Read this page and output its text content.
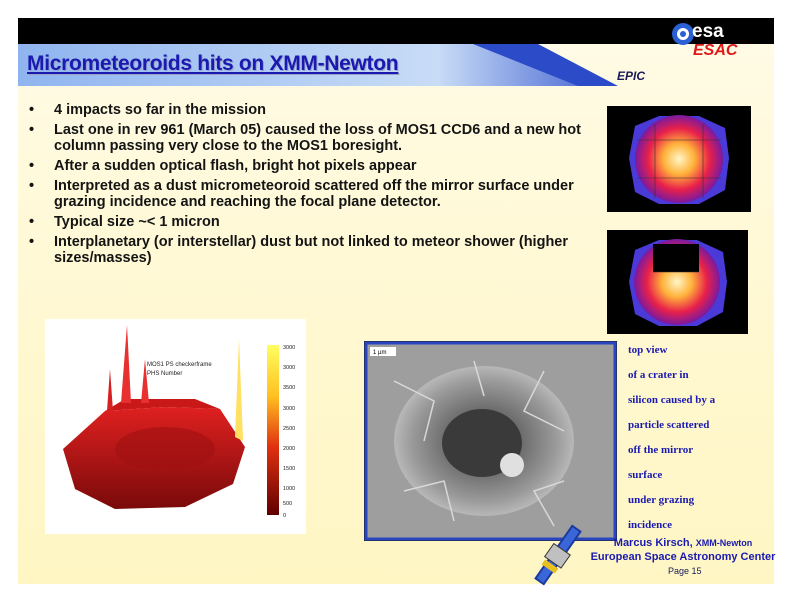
Micrometeoroids hits on XMM-Newton
EPIC
esa
ESAC
• 4 impacts so far in the mission
• Last one in rev 961 (March 05) caused the loss of MOS1 CCD6 and a new hot column passing very close to the MOS1 boresight.
• After a sudden optical flash, bright hot pixels appear
• Interpreted as a dust micrometeoroid scattered off the mirror surface under grazing incidence and reaching the focal plane detector.
• Typical size ~< 1 micron
• Interplanetary (or interstellar) dust but not linked to meteor shower (higher sizes/masses)
MOS1 PS checkerframe
PHS Number
3000
3000
3500
3000
2500
2000
1500
1000
500
0
1 µm	top view
of a crater in
silicon caused by a
particle scattered
off the mirror
surface
under grazing
incidence
Marcus Kirsch, XMM-Newton
European Space Astronomy Center
Page 15
